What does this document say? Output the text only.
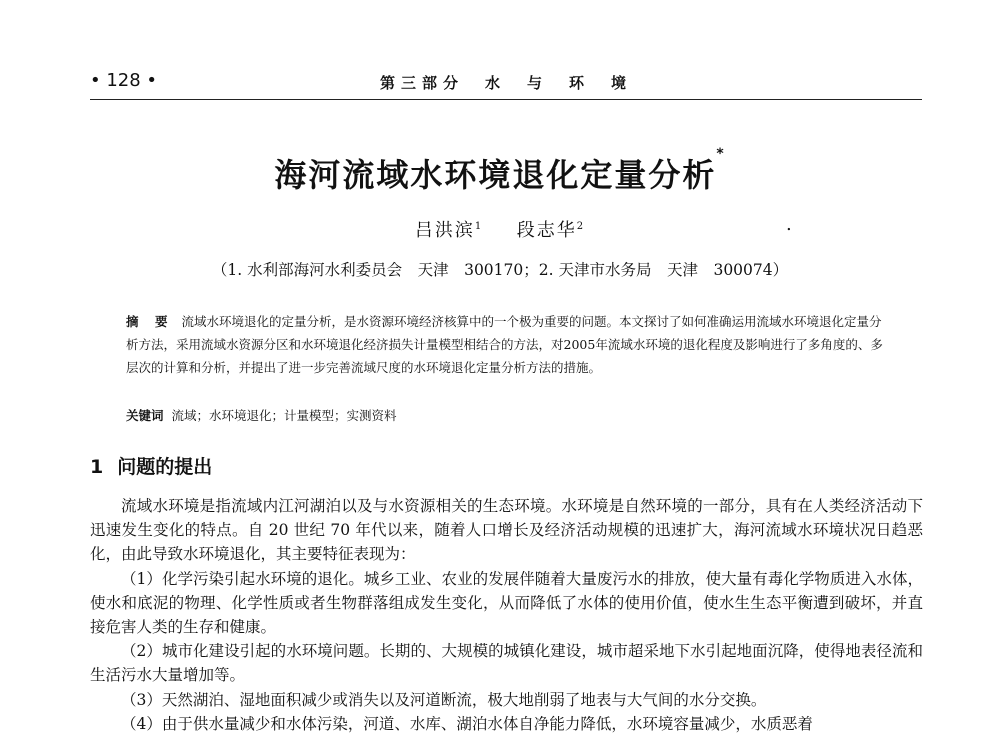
• 128 •	第三部分　水　与　环　境
海河流域水环境退化定量分析*
吕洪滨$^1$ 段志华$^2$	.
（1. 水利部海河水利委员会　天津　300170；2. 天津市水务局　天津　300074）
摘　要 流域水环境退化的定量分析，是水资源环境经济核算中的一个极为重要的问题。本文探讨了如何准确运用流域水环境退化定量分析方法，采用流域水资源分区和水环境退化经济损失计量模型相结合的方法，对2005年流域水环境的退化程度及影响进行了多角度的、多层次的计算和分析，并提出了进一步完善流域尺度的水环境退化定量分析方法的措施。
关键词 流域；水环境退化；计量模型；实测资料
1 问题的提出

流域水环境是指流域内江河湖泊以及与水资源相关的生态环境。水环境是自然环境的一部分，具有在人类经济活动下迅速发生变化的特点。自 20 世纪 70 年代以来，随着人口增长及经济活动规模的迅速扩大，海河流域水环境状况日趋恶化，由此导致水环境退化，其主要特征表现为：

（1）化学污染引起水环境的退化。城乡工业、农业的发展伴随着大量废污水的排放，使大量有毒化学物质进入水体，使水和底泥的物理、化学性质或者生物群落组成发生变化，从而降低了水体的使用价值，使水生生态平衡遭到破坏，并直接危害人类的生存和健康。

（2）城市化建设引起的水环境问题。长期的、大规模的城镇化建设，城市超采地下水引起地面沉降，使得地表径流和生活污水大量增加等。

（3）天然湖泊、湿地面积减少或消失以及河道断流，极大地削弱了地表与大气间的水分交换。

（4）由于供水量减少和水体污染，河道、水库、湖泊水体自净能力降低，水环境容量减少，水质恶着
